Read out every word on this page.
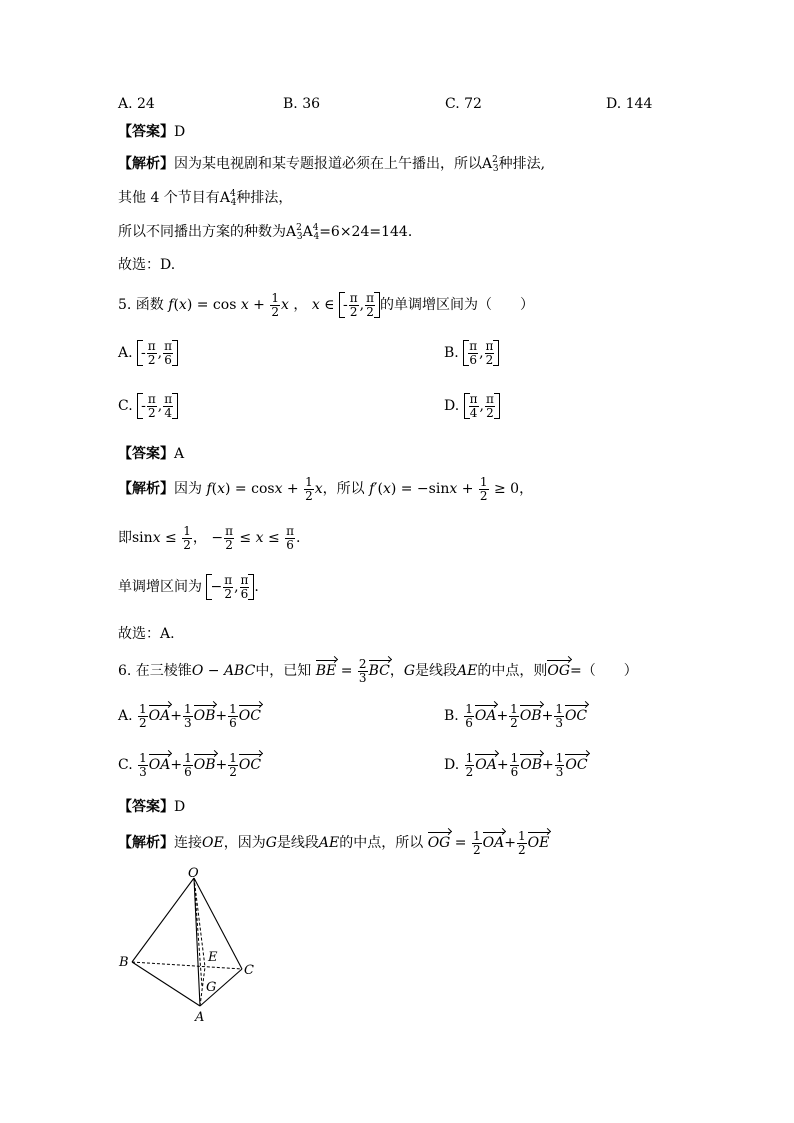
A. 24	B. 36	C. 72	D. 144
【答案】D
【解析】因为某电视剧和某专题报道必须在上午播出，所以$A^2_3$种排法,
其他 4 个节目有$A^4_4$种排法，
所以不同播出方案的种数为$A^2_3A^4_4=6\times 24=144$．
故选：D.
5. 函数 $f(x) = \cos x + \frac{1}{2}$ x ， x ∈ - $\frac{\pi}{2}$ , $\frac{\pi}{2}$ 的单调增区间为（　　）
A. - $\frac{\pi}{2}$ , $\frac{\pi}{6}$	B. $\frac{\pi}{6}$ , $\frac{\pi}{2}$
C. - $\frac{\pi}{2}$ , $\frac{\pi}{4}$	D. $\frac{\pi}{4}$ , $\frac{\pi}{2}$
【答案】A
【解析】因为 $f(x) = \cos x + \frac{1}{2}$ x，所以 $f'(x) = -\sin x + \frac{1}{2} \ge 0$，
即$\sin x \le \frac{1}{2}$ ， − $\frac{\pi}{2} \le x \le \frac{\pi}{6}$ .
单调增区间为 − $\frac{\pi}{2}$ , $\frac{\pi}{6}$ .
故选：A.
6. 在三棱锥O − ABC中，已知 BE = $\frac{2}{3}$ BC，G是线段AE的中点，则OG=（　　）
A. $\frac{1}{2} OA+ \frac{1}{3} OB+ \frac{1}{6}$ OC	B. $\frac{1}{6} OA+ \frac{1}{2} OB+ \frac{1}{3}$ OC
C. $\frac{1}{3} OA+ \frac{1}{6} OB+ \frac{1}{2}$ OC	D. $\frac{1}{2} OA+ \frac{1}{6} OB+ \frac{1}{3}$ OC
【答案】D
【解析】连接OE，因为G是线段AE的中点，所以 OG = $\frac{1}{2} OA+ \frac{1}{2}$ OE
O
B
C
A
E
G
